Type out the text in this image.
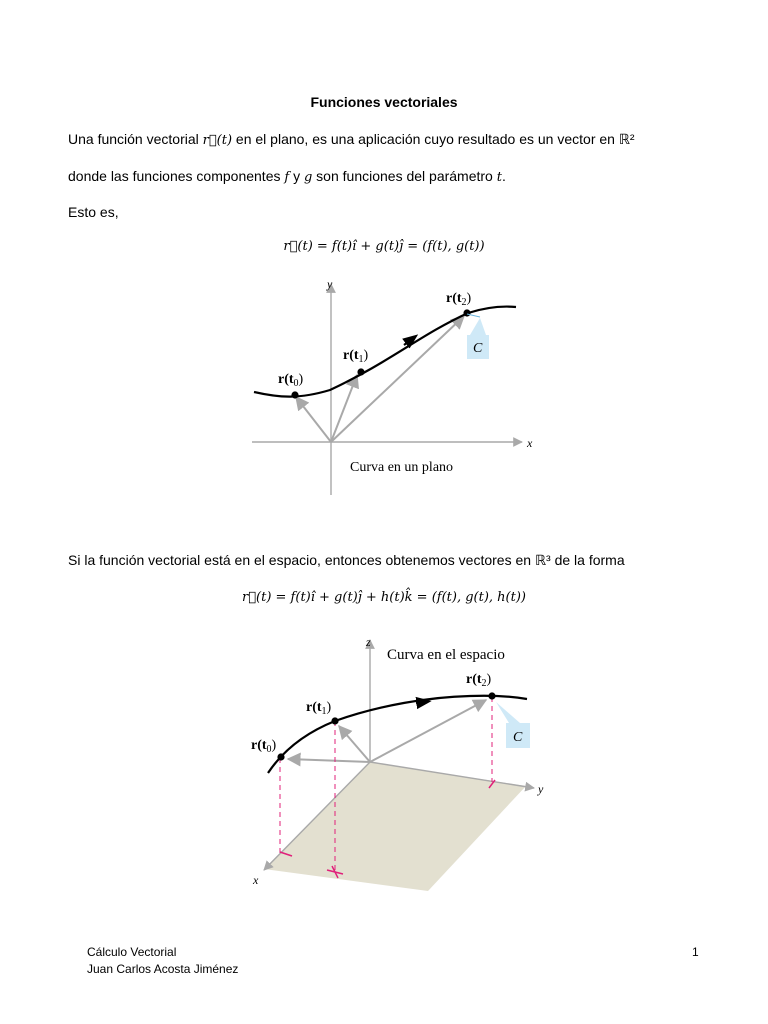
Funciones vectoriales
Una función vectorial r⃗(t) en el plano, es una aplicación cuyo resultado es un vector en ℝ²
donde las funciones componentes f y g son funciones del parámetro t.
Esto es,
r⃗(t) = f(t)î + g(t)ĵ = (f(t), g(t))
y
x
$r(t_0)$
$r(t_1)$
$r(t_2)$
C
Curva en un plano
Si la función vectorial está en el espacio, entonces obtenemos vectores en ℝ³ de la forma
r⃗(t) = f(t)î + g(t)ĵ + h(t)k̂ = (f(t), g(t), h(t))
z
y
x
Curva en el espacio
$r(t_0)$
$r(t_1)$
$r(t_2)$
C
Cálculo Vectorial
Juan Carlos Acosta Jiménez
1
